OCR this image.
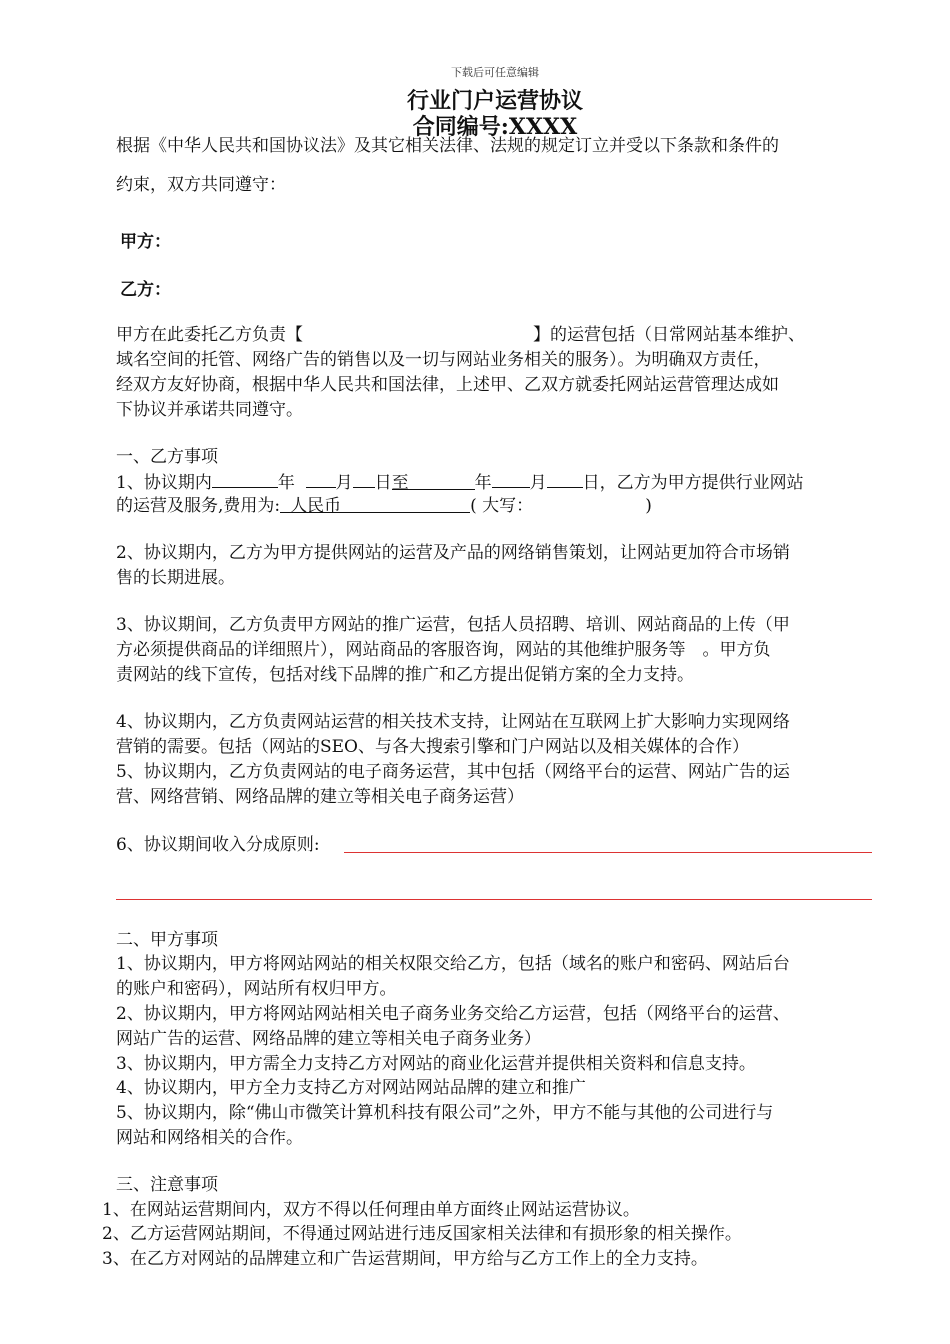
下载后可任意编辑
行业门户运营协议
合同编号:XXXX
根据《中华人民共和国协议法》及其它相关法律、法规的规定订立并受以下条款和条件的
约束，双方共同遵守：
甲方：
乙方：
甲方在此委托乙方负责【	】的运营包括（日常网站基本维护、
域名空间的托管、网络广告的销售以及一切与网站业务相关的服务）。为明确双方责任，
经双方友好协商，根据中华人民共和国法律，上述甲、乙双方就委托网站运营管理达成如
下协议并承诺共同遵守。
一、乙方事项
1、协议期内	年 月 日至	年 月 日，乙方为甲方提供行业网站
的运营及服务,费用为: 人民币	( 大写：	)
2、协议期内，乙方为甲方提供网站的运营及产品的网络销售策划，让网站更加符合市场销
售的长期进展。
3、协议期间，乙方负责甲方网站的推广运营，包括人员招聘、培训、网站商品的上传（甲
方必须提供商品的详细照片），网站商品的客服咨询，网站的其他维护服务等　。甲方负
责网站的线下宣传，包括对线下品牌的推广和乙方提出促销方案的全力支持。
4、协议期内，乙方负责网站运营的相关技术支持，让网站在互联网上扩大影响力实现网络
营销的需要。包括（网站的SEO、与各大搜索引擎和门户网站以及相关媒体的合作）
5、协议期内，乙方负责网站的电子商务运营，其中包括（网络平台的运营、网站广告的运
营、网络营销、网络品牌的建立等相关电子商务运营）
6、协议期间收入分成原则:
二、甲方事项
1、协议期内，甲方将网站网站的相关权限交给乙方，包括（域名的账户和密码、网站后台
的账户和密码），网站所有权归甲方。
2、协议期内，甲方将网站网站相关电子商务业务交给乙方运营，包括（网络平台的运营、
网站广告的运营、网络品牌的建立等相关电子商务业务）
3、协议期内，甲方需全力支持乙方对网站的商业化运营并提供相关资料和信息支持。
4、协议期内，甲方全力支持乙方对网站网站品牌的建立和推广
5、协议期内，除“佛山市微笑计算机科技有限公司”之外，甲方不能与其他的公司进行与
网站和网络相关的合作。
三、注意事项
1、在网站运营期间内，双方不得以任何理由单方面终止网站运营协议。
2、乙方运营网站期间，不得通过网站进行违反国家相关法律和有损形象的相关操作。
3、在乙方对网站的品牌建立和广告运营期间，甲方给与乙方工作上的全力支持。
